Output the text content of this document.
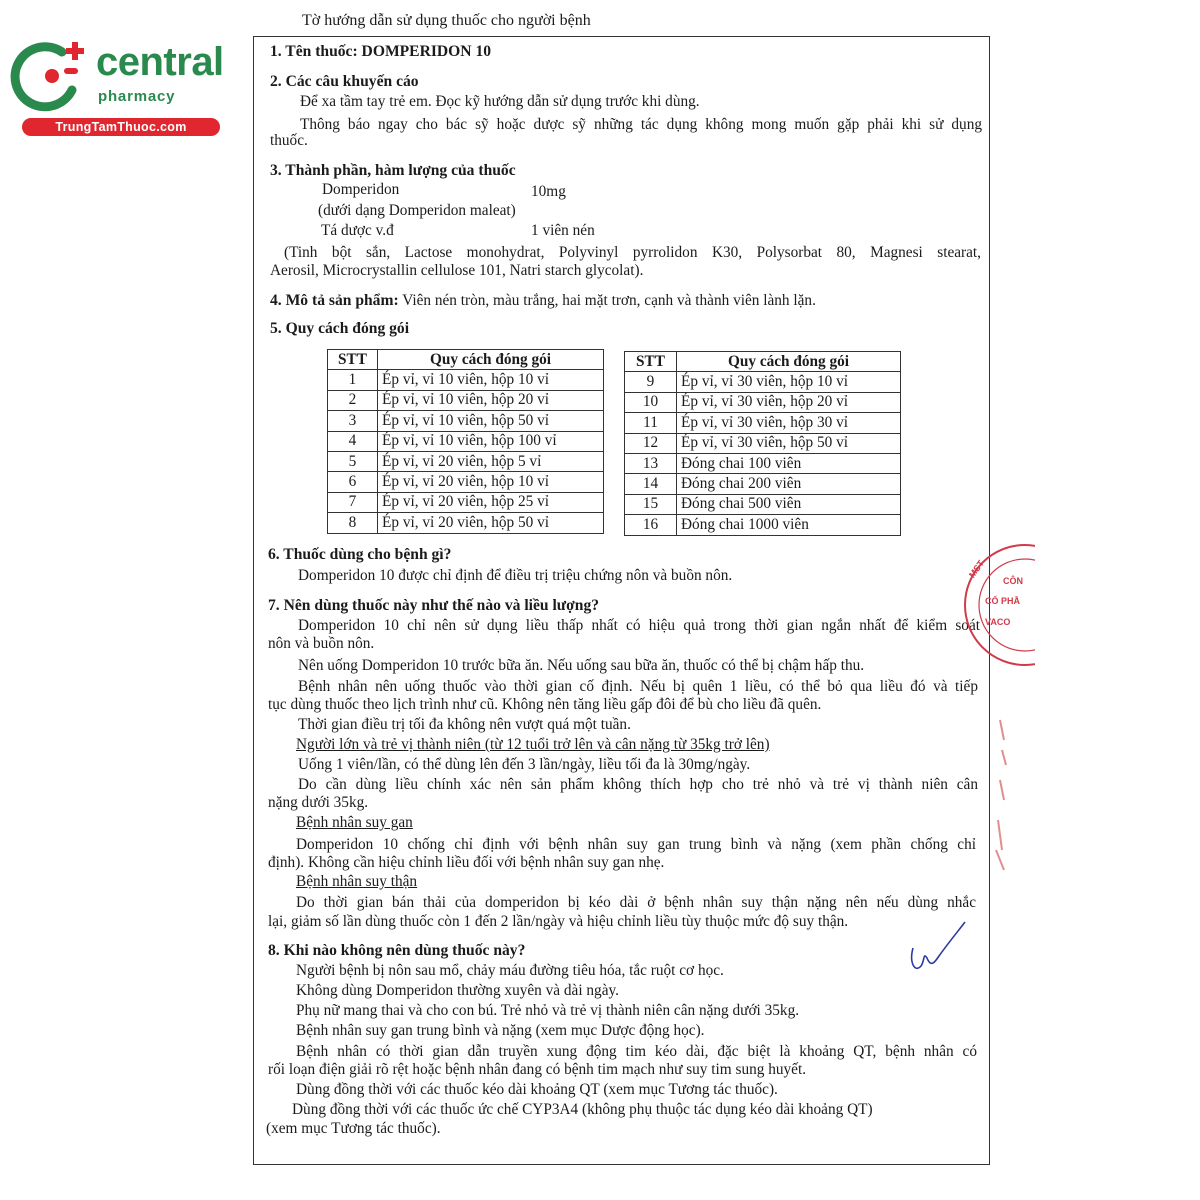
central
pharmacy
TrungTamThuoc.com
Tờ hướng dẫn sử dụng thuốc cho người bệnh
1. Tên thuốc: DOMPERIDON 10
2. Các câu khuyến cáo
Để xa tầm tay trẻ em. Đọc kỹ hướng dẫn sử dụng trước khi dùng.
Thông báo ngay cho bác sỹ hoặc dược sỹ những tác dụng không mong muốn gặp phải khi sử dụng
thuốc.
3. Thành phần, hàm lượng của thuốc
Domperidon	10mg
(dưới dạng Domperidon maleat)
Tá dược v.đ	1 viên nén
(Tinh bột sắn, Lactose monohydrat, Polyvinyl pyrrolidon K30, Polysorbat 80, Magnesi stearat,
Aerosil, Microcrystallin cellulose 101, Natri starch glycolat).
4. Mô tả sản phẩm: Viên nén tròn, màu trắng, hai mặt trơn, cạnh và thành viên lành lặn.
5. Quy cách đóng gói
STT	Quy cách đóng gói
1	Ép vỉ, vỉ 10 viên, hộp 10 vỉ
2	Ép vỉ, vỉ 10 viên, hộp 20 vỉ
3	Ép vỉ, vỉ 10 viên, hộp 50 vỉ
4	Ép vỉ, vỉ 10 viên, hộp 100 vỉ
5	Ép vỉ, vỉ 20 viên, hộp 5 vỉ
6	Ép vỉ, vỉ 20 viên, hộp 10 vỉ
7	Ép vỉ, vỉ 20 viên, hộp 25 vỉ
8	Ép vỉ, vỉ 20 viên, hộp 50 vỉ
STT	Quy cách đóng gói
9	Ép vỉ, vỉ 30 viên, hộp 10 vỉ
10	Ép vỉ, vỉ 30 viên, hộp 20 vỉ
11	Ép vỉ, vỉ 30 viên, hộp 30 vỉ
12	Ép vỉ, vỉ 30 viên, hộp 50 vỉ
13	Đóng chai 100 viên
14	Đóng chai 200 viên
15	Đóng chai 500 viên
16	Đóng chai 1000 viên
6. Thuốc dùng cho bệnh gì?
Domperidon 10 được chỉ định để điều trị triệu chứng nôn và buồn nôn.
7. Nên dùng thuốc này như thế nào và liều lượng?
Domperidon 10 chỉ nên sử dụng liều thấp nhất có hiệu quả trong thời gian ngắn nhất để kiểm soát
nôn và buồn nôn.
Nên uống Domperidon 10 trước bữa ăn. Nếu uống sau bữa ăn, thuốc có thể bị chậm hấp thu.
Bệnh nhân nên uống thuốc vào thời gian cố định. Nếu bị quên 1 liều, có thể bỏ qua liều đó và tiếp
tục dùng thuốc theo lịch trình như cũ. Không nên tăng liều gấp đôi để bù cho liều đã quên.
Thời gian điều trị tối đa không nên vượt quá một tuần.
Người lớn và trẻ vị thành niên (từ 12 tuổi trở lên và cân nặng từ 35kg trở lên)
Uống 1 viên/lần, có thể dùng lên đến 3 lần/ngày, liều tối đa là 30mg/ngày.
Do cần dùng liều chính xác nên sản phẩm không thích hợp cho trẻ nhỏ và trẻ vị thành niên cân
nặng dưới 35kg.
Bệnh nhân suy gan
Domperidon 10 chống chỉ định với bệnh nhân suy gan trung bình và nặng (xem phần chống chỉ
định). Không cần hiệu chỉnh liều đối với bệnh nhân suy gan nhẹ.
Bệnh nhân suy thận
Do thời gian bán thải của domperidon bị kéo dài ở bệnh nhân suy thận nặng nên nếu dùng nhắc
lại, giảm số lần dùng thuốc còn 1 đến 2 lần/ngày và hiệu chỉnh liều tùy thuộc mức độ suy thận.
8. Khi nào không nên dùng thuốc này?
Người bệnh bị nôn sau mổ, chảy máu đường tiêu hóa, tắc ruột cơ học.
Không dùng Domperidon thường xuyên và dài ngày.
Phụ nữ mang thai và cho con bú. Trẻ nhỏ và trẻ vị thành niên cân nặng dưới 35kg.
Bệnh nhân suy gan trung bình và nặng (xem mục Dược động học).
Bệnh nhân có thời gian dẫn truyền xung động tim kéo dài, đặc biệt là khoảng QT, bệnh nhân có
rối loạn điện giải rõ rệt hoặc bệnh nhân đang có bệnh tim mạch như suy tim sung huyết.
Dùng đồng thời với các thuốc kéo dài khoảng QT (xem mục Tương tác thuốc).
Dùng đồng thời với các thuốc ức chế CYP3A4 (không phụ thuộc tác dụng kéo dài khoảng QT)
(xem mục Tương tác thuốc).
MST
CÔN
CỔ PHẦ
VACO
